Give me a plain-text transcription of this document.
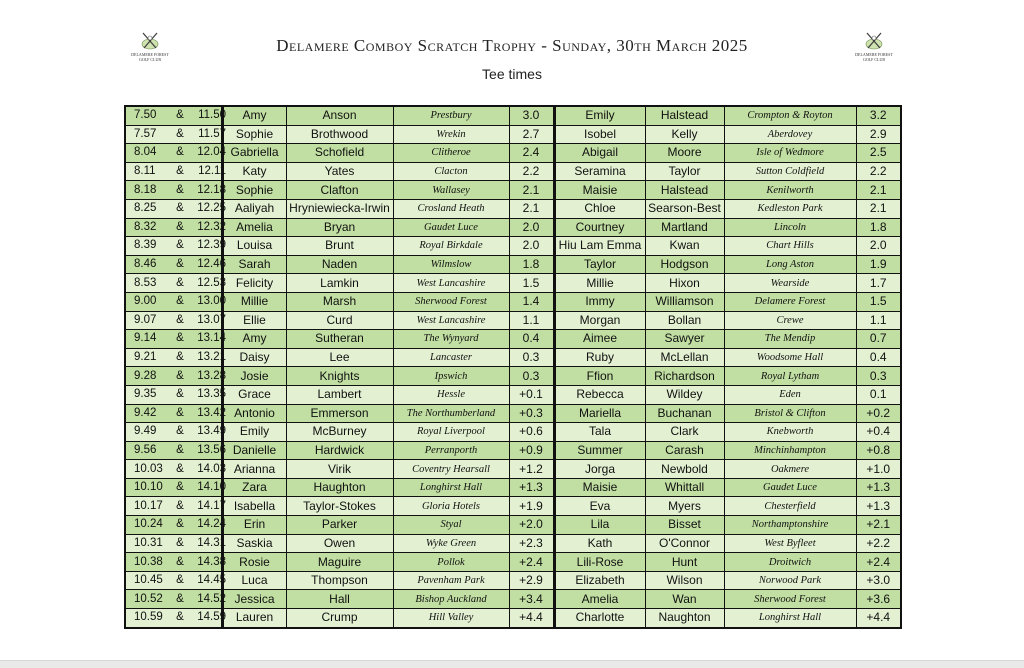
DELAMERE FOREST
GOLF CLUB
Delamere Comboy Scratch Trophy - Sunday, 30th March 2025
Tee times
DELAMERE FOREST
GOLF CLUB
7.50 & 11.50	Amy	Anson	Prestbury	3.0	Emily	Halstead	Crompton & Royton	3.2
7.57 & 11.57	Sophie	Brothwood	Wrekin	2.7	Isobel	Kelly	Aberdovey	2.9
8.04 & 12.04	Gabriella	Schofield	Clitheroe	2.4	Abigail	Moore	Isle of Wedmore	2.5
8.11 & 12.11	Katy	Yates	Clacton	2.2	Seramina	Taylor	Sutton Coldfield	2.2
8.18 & 12.18	Sophie	Clafton	Wallasey	2.1	Maisie	Halstead	Kenilworth	2.1
8.25 & 12.25	Aaliyah	Hryniewiecka-Irwin	Crosland Heath	2.1	Chloe	Searson-Best	Kedleston Park	2.1
8.32 & 12.32	Amelia	Bryan	Gaudet Luce	2.0	Courtney	Martland	Lincoln	1.8
8.39 & 12.39	Louisa	Brunt	Royal Birkdale	2.0	Hiu Lam Emma	Kwan	Chart Hills	2.0
8.46 & 12.46	Sarah	Naden	Wilmslow	1.8	Taylor	Hodgson	Long Aston	1.9
8.53 & 12.53	Felicity	Lamkin	West Lancashire	1.5	Millie	Hixon	Wearside	1.7
9.00 & 13.00	Millie	Marsh	Sherwood Forest	1.4	Immy	Williamson	Delamere Forest	1.5
9.07 & 13.07	Ellie	Curd	West Lancashire	1.1	Morgan	Bollan	Crewe	1.1
9.14 & 13.14	Amy	Sutheran	The Wynyard	0.4	Aimee	Sawyer	The Mendip	0.7
9.21 & 13.21	Daisy	Lee	Lancaster	0.3	Ruby	McLellan	Woodsome Hall	0.4
9.28 & 13.28	Josie	Knights	Ipswich	0.3	Ffion	Richardson	Royal Lytham	0.3
9.35 & 13.35	Grace	Lambert	Hessle	+0.1	Rebecca	Wildey	Eden	0.1
9.42 & 13.42	Antonio	Emmerson	The Northumberland	+0.3	Mariella	Buchanan	Bristol & Clifton	+0.2
9.49 & 13.49	Emily	McBurney	Royal Liverpool	+0.6	Tala	Clark	Knebworth	+0.4
9.56 & 13.56	Danielle	Hardwick	Perranporth	+0.9	Summer	Carash	Minchinhampton	+0.8
10.03 & 14.03	Arianna	Virik	Coventry Hearsall	+1.2	Jorga	Newbold	Oakmere	+1.0
10.10 & 14.10	Zara	Haughton	Longhirst Hall	+1.3	Maisie	Whittall	Gaudet Luce	+1.3
10.17 & 14.17	Isabella	Taylor-Stokes	Gloria Hotels	+1.9	Eva	Myers	Chesterfield	+1.3
10.24 & 14.24	Erin	Parker	Styal	+2.0	Lila	Bisset	Northamptonshire	+2.1
10.31 & 14.31	Saskia	Owen	Wyke Green	+2.3	Kath	O'Connor	West Byfleet	+2.2
10.38 & 14.38	Rosie	Maguire	Pollok	+2.4	Lili-Rose	Hunt	Droitwich	+2.4
10.45 & 14.45	Luca	Thompson	Pavenham Park	+2.9	Elizabeth	Wilson	Norwood Park	+3.0
10.52 & 14.52	Jessica	Hall	Bishop Auckland	+3.4	Amelia	Wan	Sherwood Forest	+3.6
10.59 & 14.59	Lauren	Crump	Hill Valley	+4.4	Charlotte	Naughton	Longhirst Hall	+4.4
